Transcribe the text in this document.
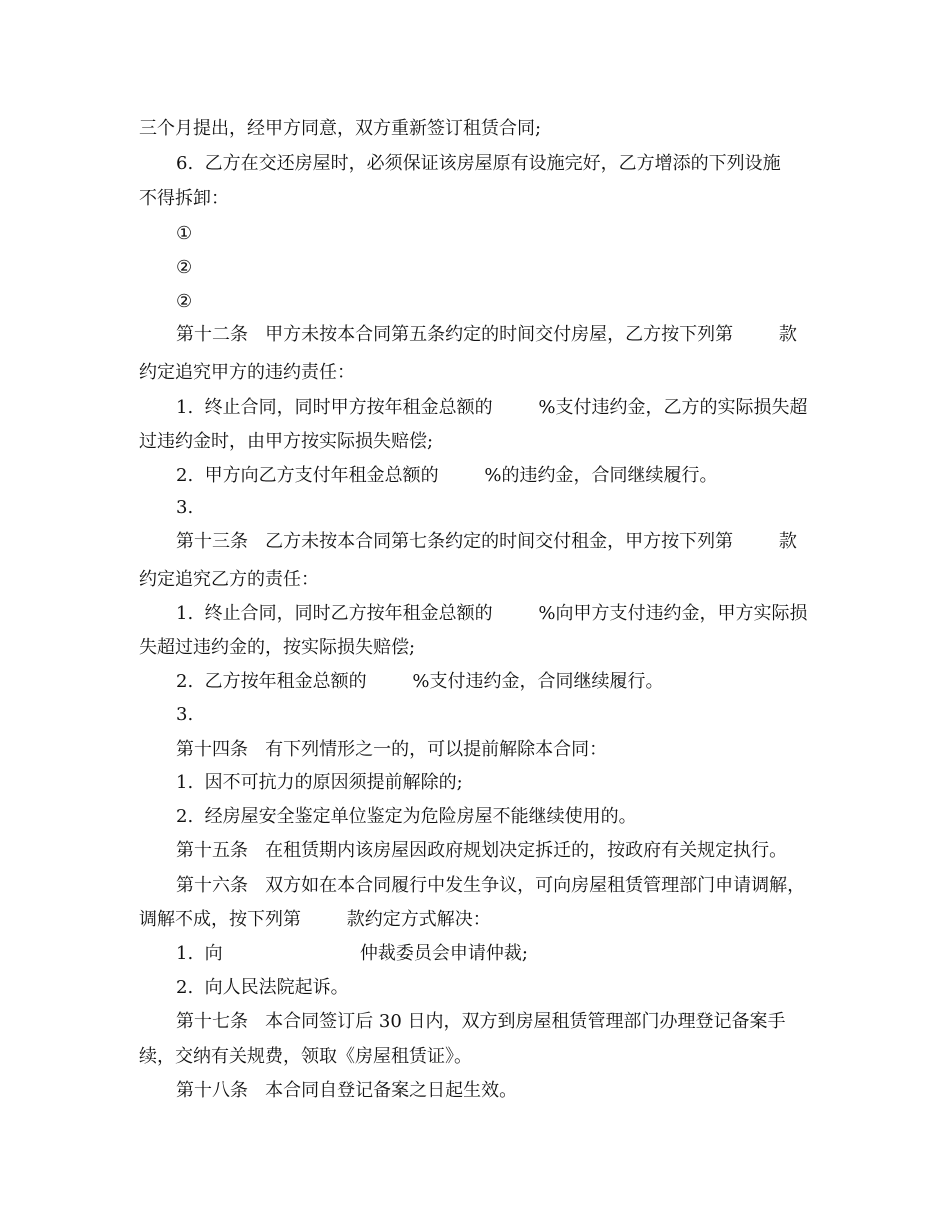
三个月提出，经甲方同意，双方重新签订租赁合同;
6.  乙方在交还房屋时，必须保证该房屋原有设施完好，乙方增添的下列设施
不得拆卸：
①
②
②
第十二条   甲方未按本合同第五条约定的时间交付房屋，乙方按下列第        款
约定追究甲方的违约责任：
1.  终止合同，同时甲方按年租金总额的        %支付违约金，乙方的实际损失超
过违约金时，由甲方按实际损失赔偿;
2.  甲方向乙方支付年租金总额的        %的违约金，合同继续履行。
3.
第十三条   乙方未按本合同第七条约定的时间交付租金，甲方按下列第        款
约定追究乙方的责任：
1.  终止合同，同时乙方按年租金总额的        %向甲方支付违约金，甲方实际损
失超过违约金的，按实际损失赔偿;
2.  乙方按年租金总额的        %支付违约金，合同继续履行。
3.
第十四条   有下列情形之一的，可以提前解除本合同：
1.  因不可抗力的原因须提前解除的;
2.  经房屋安全鉴定单位鉴定为危险房屋不能继续使用的。
第十五条   在租赁期内该房屋因政府规划决定拆迁的，按政府有关规定执行。
第十六条   双方如在本合同履行中发生争议，可向房屋租赁管理部门申请调解，
调解不成，按下列第        款约定方式解决：
1.  向                        仲裁委员会申请仲裁;
2.  向人民法院起诉。
第十七条   本合同签订后 30 日内，双方到房屋租赁管理部门办理登记备案手
续，交纳有关规费，领取《房屋租赁证》。
第十八条   本合同自登记备案之日起生效。
